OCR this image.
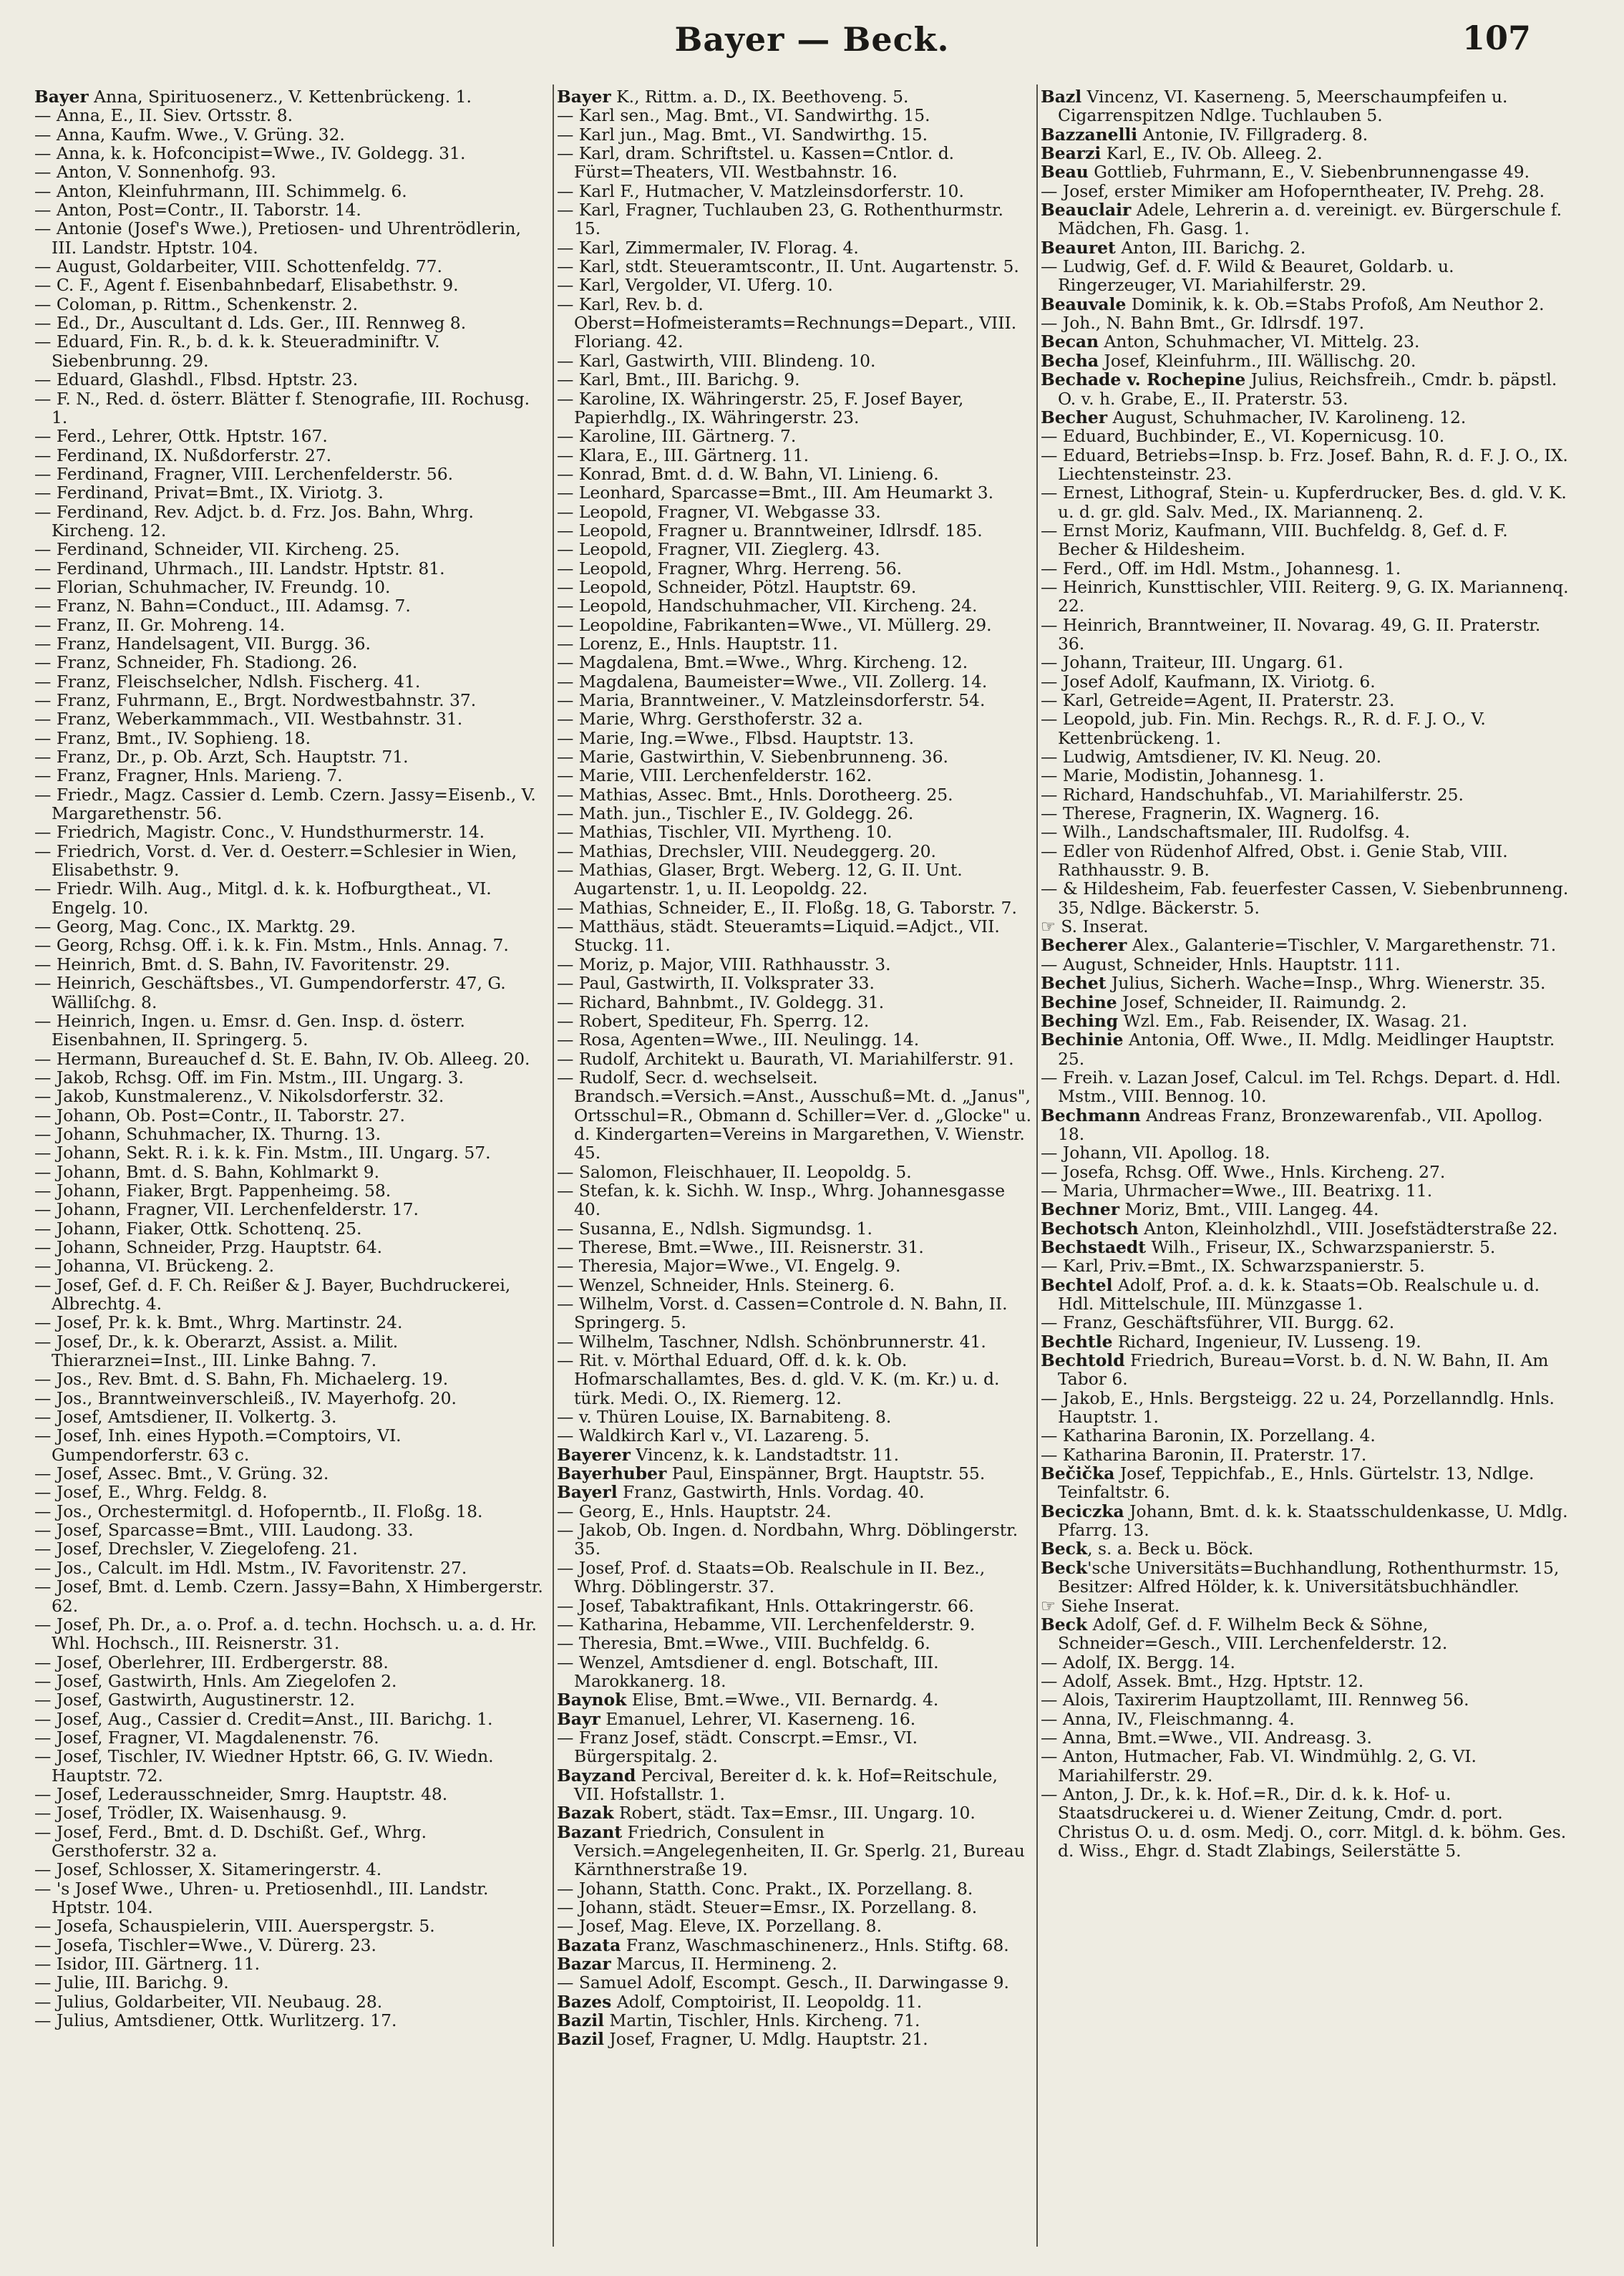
Bayer — Beck.	107

Bayer Anna, Spirituosenerz., V. Kettenbrückeng. 1.

— Anna, E., II. Siev. Ortsstr. 8.

— Anna, Kaufm. Wwe., V. Grüng. 32.

— Anna, k. k. Hofconcipist=Wwe., IV. Goldegg. 31.

— Anton, V. Sonnenhofg. 93.

— Anton, Kleinfuhrmann, III. Schimmelg. 6.

— Anton, Post=Contr., II. Taborstr. 14.

— Antonie (Josef's Wwe.), Pretiosen- und Uhrentrödlerin, III. Landstr. Hptstr. 104.

— August, Goldarbeiter, VIII. Schottenfeldg. 77.

— C. F., Agent f. Eisenbahnbedarf, Elisabethstr. 9.

— Coloman, p. Rittm., Schenkenstr. 2.

— Ed., Dr., Auscultant d. Lds. Ger., III. Rennweg 8.

— Eduard, Fin. R., b. d. k. k. Steueradminiftr. V. Siebenbrunng. 29.

— Eduard, Glashdl., Flbsd. Hptstr. 23.

— F. N., Red. d. österr. Blätter f. Stenografie, III. Rochusg. 1.

— Ferd., Lehrer, Ottk. Hptstr. 167.

— Ferdinand, IX. Nußdorferstr. 27.

— Ferdinand, Fragner, VIII. Lerchenfelderstr. 56.

— Ferdinand, Privat=Bmt., IX. Viriotg. 3.

— Ferdinand, Rev. Adjct. b. d. Frz. Jos. Bahn, Whrg. Kircheng. 12.

— Ferdinand, Schneider, VII. Kircheng. 25.

— Ferdinand, Uhrmach., III. Landstr. Hptstr. 81.

— Florian, Schuhmacher, IV. Freundg. 10.

— Franz, N. Bahn=Conduct., III. Adamsg. 7.

— Franz, II. Gr. Mohreng. 14.

— Franz, Handelsagent, VII. Burgg. 36.

— Franz, Schneider, Fh. Stadiong. 26.

— Franz, Fleischselcher, Ndlsh. Fischerg. 41.

— Franz, Fuhrmann, E., Brgt. Nordwestbahnstr. 37.

— Franz, Weberkammmach., VII. Westbahnstr. 31.

— Franz, Bmt., IV. Sophieng. 18.

— Franz, Dr., p. Ob. Arzt, Sch. Hauptstr. 71.

— Franz, Fragner, Hnls. Marieng. 7.

— Friedr., Magz. Cassier d. Lemb. Czern. Jassy=Eisenb., V. Margarethenstr. 56.

— Friedrich, Magistr. Conc., V. Hundsthurmerstr. 14.

— Friedrich, Vorst. d. Ver. d. Oesterr.=Schlesier in Wien, Elisabethstr. 9.

— Friedr. Wilh. Aug., Mitgl. d. k. k. Hofburgtheat., VI. Engelg. 10.

— Georg, Mag. Conc., IX. Marktg. 29.

— Georg, Rchsg. Off. i. k. k. Fin. Mstm., Hnls. Annag. 7.

— Heinrich, Bmt. d. S. Bahn, IV. Favoritenstr. 29.

— Heinrich, Geschäftsbes., VI. Gumpendorferstr. 47, G. Wälliſchg. 8.

— Heinrich, Ingen. u. Emsr. d. Gen. Insp. d. österr. Eisenbahnen, II. Springerg. 5.

— Hermann, Bureauchef d. St. E. Bahn, IV. Ob. Alleeg. 20.

— Jakob, Rchsg. Off. im Fin. Mstm., III. Ungarg. 3.

— Jakob, Kunstmalerenz., V. Nikolsdorferstr. 32.

— Johann, Ob. Post=Contr., II. Taborstr. 27.

— Johann, Schuhmacher, IX. Thurng. 13.

— Johann, Sekt. R. i. k. k. Fin. Mstm., III. Ungarg. 57.

— Johann, Bmt. d. S. Bahn, Kohlmarkt 9.

— Johann, Fiaker, Brgt. Pappenheimg. 58.

— Johann, Fragner, VII. Lerchenfelderstr. 17.

— Johann, Fiaker, Ottk. Schottenq. 25.

— Johann, Schneider, Przg. Hauptstr. 64.

— Johanna, VI. Brückeng. 2.

— Josef, Gef. d. F. Ch. Reißer & J. Bayer, Buchdruckerei, Albrechtg. 4.

— Josef, Pr. k. k. Bmt., Whrg. Martinstr. 24.

— Josef, Dr., k. k. Oberarzt, Assist. a. Milit. Thierarznei=Inst., III. Linke Bahng. 7.

— Jos., Rev. Bmt. d. S. Bahn, Fh. Michaelerg. 19.

— Jos., Branntweinverschleiß., IV. Mayerhofg. 20.

— Josef, Amtsdiener, II. Volkertg. 3.

— Josef, Inh. eines Hypoth.=Comptoirs, VI. Gumpendorferstr. 63 c.

— Josef, Assec. Bmt., V. Grüng. 32.

— Josef, E., Whrg. Feldg. 8.

— Jos., Orchestermitgl. d. Hofoperntb., II. Floßg. 18.

— Josef, Sparcasse=Bmt., VIII. Laudong. 33.

— Josef, Drechsler, V. Ziegelofeng. 21.

— Jos., Calcult. im Hdl. Mstm., IV. Favoritenstr. 27.

— Josef, Bmt. d. Lemb. Czern. Jassy=Bahn, X Himbergerstr. 62.

— Josef, Ph. Dr., a. o. Prof. a. d. techn. Hochsch. u. a. d. Hr. Whl. Hochsch., III. Reisnerstr. 31.

— Josef, Oberlehrer, III. Erdbergerstr. 88.

— Josef, Gastwirth, Hnls. Am Ziegelofen 2.

— Josef, Gastwirth, Augustinerstr. 12.

— Josef, Aug., Cassier d. Credit=Anst., III. Barichg. 1.

— Josef, Fragner, VI. Magdalenenstr. 76.

— Josef, Tischler, IV. Wiedner Hptstr. 66, G. IV. Wiedn. Hauptstr. 72.

— Josef, Lederausschneider, Smrg. Hauptstr. 48.

— Josef, Trödler, IX. Waisenhausg. 9.

— Josef, Ferd., Bmt. d. D. Dschißt. Gef., Whrg. Gersthoferstr. 32 a.

— Josef, Schlosser, X. Sitameringerstr. 4.

— 's Josef Wwe., Uhren- u. Pretiosenhdl., III. Landstr. Hptstr. 104.

— Josefa, Schauspielerin, VIII. Auerspergstr. 5.

— Josefa, Tischler=Wwe., V. Dürerg. 23.

— Isidor, III. Gärtnerg. 11.

— Julie, III. Barichg. 9.

— Julius, Goldarbeiter, VII. Neubaug. 28.

— Julius, Amtsdiener, Ottk. Wurlitzerg. 17.

Bayer K., Rittm. a. D., IX. Beethoveng. 5.

— Karl sen., Mag. Bmt., VI. Sandwirthg. 15.

— Karl jun., Mag. Bmt., VI. Sandwirthg. 15.

— Karl, dram. Schriftstel. u. Kassen=Cntlor. d. Fürst=Theaters, VII. Westbahnstr. 16.

— Karl F., Hutmacher, V. Matzleinsdorferstr. 10.

— Karl, Fragner, Tuchlauben 23, G. Rothenthurmstr. 15.

— Karl, Zimmermaler, IV. Florag. 4.

— Karl, stdt. Steueramtscontr., II. Unt. Augartenstr. 5.

— Karl, Vergolder, VI. Uferg. 10.

— Karl, Rev. b. d. Oberst=Hofmeisteramts=Rechnungs=Depart., VIII. Floriang. 42.

— Karl, Gastwirth, VIII. Blindeng. 10.

— Karl, Bmt., III. Barichg. 9.

— Karoline, IX. Währingerstr. 25, F. Josef Bayer, Papierhdlg., IX. Währingerstr. 23.

— Karoline, III. Gärtnerg. 7.

— Klara, E., III. Gärtnerg. 11.

— Konrad, Bmt. d. d. W. Bahn, VI. Linieng. 6.

— Leonhard, Sparcasse=Bmt., III. Am Heumarkt 3.

— Leopold, Fragner, VI. Webgasse 33.

— Leopold, Fragner u. Branntweiner, Idlrsdf. 185.

— Leopold, Fragner, VII. Zieglerg. 43.

— Leopold, Fragner, Whrg. Herreng. 56.

— Leopold, Schneider, Pötzl. Hauptstr. 69.

— Leopold, Handschuhmacher, VII. Kircheng. 24.

— Leopoldine, Fabrikanten=Wwe., VI. Müllerg. 29.

— Lorenz, E., Hnls. Hauptstr. 11.

— Magdalena, Bmt.=Wwe., Whrg. Kircheng. 12.

— Magdalena, Baumeister=Wwe., VII. Zollerg. 14.

— Maria, Branntweiner., V. Matzleinsdorferstr. 54.

— Marie, Whrg. Gersthoferstr. 32 a.

— Marie, Ing.=Wwe., Flbsd. Hauptstr. 13.

— Marie, Gastwirthin, V. Siebenbrunneng. 36.

— Marie, VIII. Lerchenfelderstr. 162.

— Mathias, Assec. Bmt., Hnls. Dorotheerg. 25.

— Math. jun., Tischler E., IV. Goldegg. 26.

— Mathias, Tischler, VII. Myrtheng. 10.

— Mathias, Drechsler, VIII. Neudeggerg. 20.

— Mathias, Glaser, Brgt. Weberg. 12, G. II. Unt. Augartenstr. 1, u. II. Leopoldg. 22.

— Mathias, Schneider, E., II. Floßg. 18, G. Taborstr. 7.

— Matthäus, städt. Steueramts=Liquid.=Adjct., VII. Stuckg. 11.

— Moriz, p. Major, VIII. Rathhausstr. 3.

— Paul, Gastwirth, II. Volksprater 33.

— Richard, Bahnbmt., IV. Goldegg. 31.

— Robert, Spediteur, Fh. Sperrg. 12.

— Rosa, Agenten=Wwe., III. Neulingg. 14.

— Rudolf, Architekt u. Baurath, VI. Mariahilferstr. 91.

— Rudolf, Secr. d. wechselseit. Brandsch.=Versich.=Anst., Ausschuß=Mt. d. „Janus", Ortsschul=R., Obmann d. Schiller=Ver. d. „Glocke" u. d. Kindergarten=Vereins in Margarethen, V. Wienstr. 45.

— Salomon, Fleischhauer, II. Leopoldg. 5.

— Stefan, k. k. Sichh. W. Insp., Whrg. Johannesgasse 40.

— Susanna, E., Ndlsh. Sigmundsg. 1.

— Therese, Bmt.=Wwe., III. Reisnerstr. 31.

— Theresia, Major=Wwe., VI. Engelg. 9.

— Wenzel, Schneider, Hnls. Steinerg. 6.

— Wilhelm, Vorst. d. Cassen=Controle d. N. Bahn, II. Springerg. 5.

— Wilhelm, Taschner, Ndlsh. Schönbrunnerstr. 41.

— Rit. v. Mörthal Eduard, Off. d. k. k. Ob. Hofmarschallamtes, Bes. d. gld. V. K. (m. Kr.) u. d. türk. Medi. O., IX. Riemerg. 12.

— v. Thüren Louise, IX. Barnabiteng. 8.

— Waldkirch Karl v., VI. Lazareng. 5.

Bayerer Vincenz, k. k. Landstadtstr. 11.

Bayerhuber Paul, Einspänner, Brgt. Hauptstr. 55.

Bayerl Franz, Gastwirth, Hnls. Vordag. 40.

— Georg, E., Hnls. Hauptstr. 24.

— Jakob, Ob. Ingen. d. Nordbahn, Whrg. Döblingerstr. 35.

— Josef, Prof. d. Staats=Ob. Realschule in II. Bez., Whrg. Döblingerstr. 37.

— Josef, Tabaktrafikant, Hnls. Ottakringerstr. 66.

— Katharina, Hebamme, VII. Lerchenfelderstr. 9.

— Theresia, Bmt.=Wwe., VIII. Buchfeldg. 6.

— Wenzel, Amtsdiener d. engl. Botschaft, III. Marokkanerg. 18.

Baynok Elise, Bmt.=Wwe., VII. Bernardg. 4.

Bayr Emanuel, Lehrer, VI. Kaserneng. 16.

— Franz Josef, städt. Conscrpt.=Emsr., VI. Bürgerspitalg. 2.

Bayzand Percival, Bereiter d. k. k. Hof=Reitschule, VII. Hofstallstr. 1.

Bazak Robert, städt. Tax=Emsr., III. Ungarg. 10.

Bazant Friedrich, Consulent in Versich.=Angelegenheiten, II. Gr. Sperlg. 21, Bureau Kärnthnerstraße 19.

— Johann, Statth. Conc. Prakt., IX. Porzellang. 8.

— Johann, städt. Steuer=Emsr., IX. Porzellang. 8.

— Josef, Mag. Eleve, IX. Porzellang. 8.

Bazata Franz, Waschmaschinenerz., Hnls. Stiftg. 68.

Bazar Marcus, II. Hermineng. 2.

— Samuel Adolf, Escompt. Gesch., II. Darwingasse 9.

Bazes Adolf, Comptoirist, II. Leopoldg. 11.

Bazil Martin, Tischler, Hnls. Kircheng. 71.

Bazil Josef, Fragner, U. Mdlg. Hauptstr. 21.

Bazl Vincenz, VI. Kaserneng. 5, Meerschaumpfeifen u. Cigarrenspitzen Ndlge. Tuchlauben 5.

Bazzanelli Antonie, IV. Fillgraderg. 8.

Bearzi Karl, E., IV. Ob. Alleeg. 2.

Beau Gottlieb, Fuhrmann, E., V. Siebenbrunnengasse 49.

— Josef, erster Mimiker am Hofoperntheater, IV. Prehg. 28.

Beauclair Adele, Lehrerin a. d. vereinigt. ev. Bürgerschule f. Mädchen, Fh. Gasg. 1.

Beauret Anton, III. Barichg. 2.

— Ludwig, Gef. d. F. Wild & Beauret, Goldarb. u. Ringerzeuger, VI. Mariahilferstr. 29.

Beauvale Dominik, k. k. Ob.=Stabs Profoß, Am Neuthor 2.

— Joh., N. Bahn Bmt., Gr. Idlrsdf. 197.

Becan Anton, Schuhmacher, VI. Mittelg. 23.

Becha Josef, Kleinfuhrm., III. Wällischg. 20.

Bechade v. Rochepine Julius, Reichsfreih., Cmdr. b. päpstl. O. v. h. Grabe, E., II. Praterstr. 53.

Becher August, Schuhmacher, IV. Karolineng. 12.

— Eduard, Buchbinder, E., VI. Kopernicusg. 10.

— Eduard, Betriebs=Insp. b. Frz. Josef. Bahn, R. d. F. J. O., IX. Liechtensteinstr. 23.

— Ernest, Lithograf, Stein- u. Kupferdrucker, Bes. d. gld. V. K. u. d. gr. gld. Salv. Med., IX. Mariannenq. 2.

— Ernst Moriz, Kaufmann, VIII. Buchfeldg. 8, Gef. d. F. Becher & Hildesheim.

— Ferd., Off. im Hdl. Mstm., Johannesg. 1.

— Heinrich, Kunsttischler, VIII. Reiterg. 9, G. IX. Mariannenq. 22.

— Heinrich, Branntweiner, II. Novarag. 49, G. II. Praterstr. 36.

— Johann, Traiteur, III. Ungarg. 61.

— Josef Adolf, Kaufmann, IX. Viriotg. 6.

— Karl, Getreide=Agent, II. Praterstr. 23.

— Leopold, jub. Fin. Min. Rechgs. R., R. d. F. J. O., V. Kettenbrückeng. 1.

— Ludwig, Amtsdiener, IV. Kl. Neug. 20.

— Marie, Modistin, Johannesg. 1.

— Richard, Handschuhfab., VI. Mariahilferstr. 25.

— Therese, Fragnerin, IX. Wagnerg. 16.

— Wilh., Landschaftsmaler, III. Rudolfsg. 4.

— Edler von Rüdenhof Alfred, Obst. i. Genie Stab, VIII. Rathhausstr. 9. B.

— & Hildesheim, Fab. feuerfester Cassen, V. Siebenbrunneng. 35, Ndlge. Bäckerstr. 5.

☞ S. Inserat.

Becherer Alex., Galanterie=Tischler, V. Margarethenstr. 71.

— August, Schneider, Hnls. Hauptstr. 111.

Bechet Julius, Sicherh. Wache=Insp., Whrg. Wienerstr. 35.

Bechine Josef, Schneider, II. Raimundg. 2.

Beching Wzl. Em., Fab. Reisender, IX. Wasag. 21.

Bechinie Antonia, Off. Wwe., II. Mdlg. Meidlinger Hauptstr. 25.

— Freih. v. Lazan Josef, Calcul. im Tel. Rchgs. Depart. d. Hdl. Mstm., VIII. Bennog. 10.

Bechmann Andreas Franz, Bronzewarenfab., VII. Apollog. 18.

— Johann, VII. Apollog. 18.

— Josefa, Rchsg. Off. Wwe., Hnls. Kircheng. 27.

— Maria, Uhrmacher=Wwe., III. Beatrixg. 11.

Bechner Moriz, Bmt., VIII. Langeg. 44.

Bechotsch Anton, Kleinholzhdl., VIII. Josefstädterstraße 22.

Bechstaedt Wilh., Friseur, IX., Schwarzspanierstr. 5.

— Karl, Priv.=Bmt., IX. Schwarzspanierstr. 5.

Bechtel Adolf, Prof. a. d. k. k. Staats=Ob. Realschule u. d. Hdl. Mittelschule, III. Münzgasse 1.

— Franz, Geschäftsführer, VII. Burgg. 62.

Bechtle Richard, Ingenieur, IV. Lusseng. 19.

Bechtold Friedrich, Bureau=Vorst. b. d. N. W. Bahn, II. Am Tabor 6.

— Jakob, E., Hnls. Bergsteigg. 22 u. 24, Porzellanndlg. Hnls. Hauptstr. 1.

— Katharina Baronin, IX. Porzellang. 4.

— Katharina Baronin, II. Praterstr. 17.

Bečička Josef, Teppichfab., E., Hnls. Gürtelstr. 13, Ndlge. Teinfaltstr. 6.

Beciczka Johann, Bmt. d. k. k. Staatsschuldenkasse, U. Mdlg. Pfarrg. 13.

Beck, s. a. Beck u. Böck.

Beck'sche Universitäts=Buchhandlung, Rothenthurmstr. 15, Besitzer: Alfred Hölder, k. k. Universitätsbuchhändler.

☞ Siehe Inserat.

Beck Adolf, Gef. d. F. Wilhelm Beck & Söhne, Schneider=Gesch., VIII. Lerchenfelderstr. 12.

— Adolf, IX. Bergg. 14.

— Adolf, Assek. Bmt., Hzg. Hptstr. 12.

— Alois, Taxirerim Hauptzollamt, III. Rennweg 56.

— Anna, IV., Fleischmanng. 4.

— Anna, Bmt.=Wwe., VII. Andreasg. 3.

— Anton, Hutmacher, Fab. VI. Windmühlg. 2, G. VI. Mariahilferstr. 29.

— Anton, J. Dr., k. k. Hof.=R., Dir. d. k. k. Hof- u. Staatsdruckerei u. d. Wiener Zeitung, Cmdr. d. port. Christus O. u. d. osm. Medj. O., corr. Mitgl. d. k. böhm. Ges. d. Wiss., Ehgr. d. Stadt Zlabings, Seilerstätte 5.
